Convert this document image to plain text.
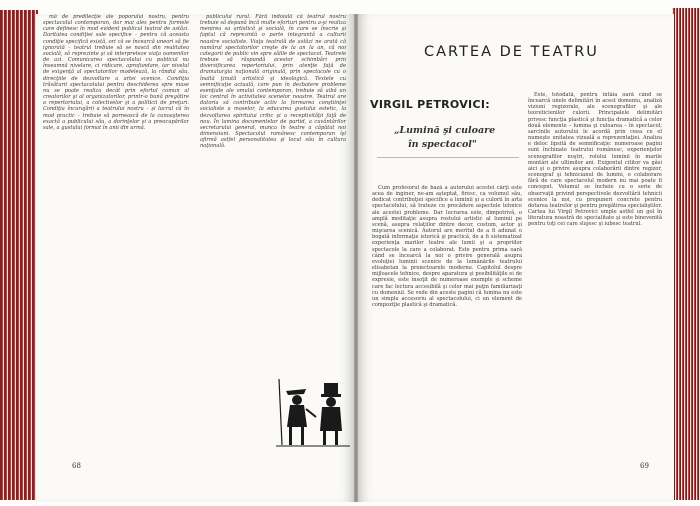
mă de predilecţie ale poporului nostru, pentru spectacolul contemporan, dar mai ales pentru formele care definesc în mod evident publicul teatral de astăzi. Daritatea condiţiei sale specifice – pentru că aceasta condiţie specifică există, ori că se încearcă uneori să fie ignorată – teatrul trebuie să se nască din realitatea socială, să reprezinte şi să interpreteze viaţa oamenilor de azi. Comunicarea spectacolului cu publicul nu înseamnă nivelare, ci ridicare, aprofundare, iar nivelul de exigenţă al spectatorilor modelează, la rândul său, direcţiile de dezvoltare a artei scenice. Condiţia trăsăturii spectacolului pentru deschiderea spre mase nu se poate realiza decât prin efortul comun al creatorilor şi al organizatorilor, printr-o bună pregătire a repertoriului, a colectivelor şi a politicii de preţuri. Condiţia încurajării a teatrului nostru – şi lucrul că în mod practic – trebuie să pornească de la cunoaşterea exactă a publicului său, a dorinţelor şi a preocupărilor sale, a gustului format în anii din urmă.

publicului rural. Fără îndoială că teatrul nostru trebuie să depună încă multe eforturi pentru a-şi realiza menirea sa artistică şi socială, în care se înscrie şi faptul că reprezintă o parte integrantă a culturii noastre socialiste. Viaţa teatrală de astăzi ne arată că numărul spectatorilor creşte de la an la an, că noi categorii de public vin spre sălile de spectacol. Teatrele trebuie să răspundă acestor schimbări prin diversificarea repertoriului, prin atenţie faţă de dramaturgia naţională originală, prin spectacole cu o înaltă ţinută artistică şi ideologică. Textele cu semnificaţie actuală, care pun în dezbatere probleme esenţiale ale omului contemporan, trebuie să aibă un loc central în activitatea scenelor noastre. Teatrul are datoria să contribuie activ la formarea conştiinţei socialiste a maselor, la educarea gustului estetic, la dezvoltarea spiritului critic şi a receptivităţii faţă de nou. În lumina documentelor de partid, a cuvântărilor secretarului general, munca în teatre a căpătat noi dimensiuni. Spectacolul românesc contemporan îşi afirmă astfel personalitatea şi locul său în cultura naţională.

68
CARTEA DE TEATRU
VIRGIL PETROVICI:
„Lumină şi culoare
în spectacol"

Cum profesorul de bază a autorului acestei cărţi este acea de inginer, ne-am aşteptat, firesc, ca volumul său, dedicat contribuţiei specifice a luminii şi a culorii în arta spectacolului, să trateze cu precădere aspectele tehnice ale acestei probleme. Dar lucrarea este, dimpotrivă, o amplă meditaţie asupra rostului artistic al luminii pe scenă, asupra relaţiilor dintre decor, costum, actor şi mişcarea scenică. Autorul are meritul de a fi adunat o bogată informaţie istorică şi practică, de a fi sistematizat experienţa marilor teatre ale lumii şi a propriilor spectacole la care a colaborat. Este pentru prima oară când se încearcă la noi o privire generală asupra evoluţiei luminii scenice de la lumânările teatrului elisabetan la proiectoarele moderne. Capitolul despre mijloacele tehnice, despre aparatura şi posibilităţile ei de expresie, este însoţit de numeroase exemple şi scheme care fac lectura accesibilă şi celor mai puţin familiarizaţi cu domeniul. Se vede din aceste pagini că lumina nu este un simplu accesoriu al spectacolului, ci un element de compoziţie plastică şi dramatică.

Este, totodată, pentru întâia oară când se încearcă unele delimitări în acest domeniu, analiză viziuni regizorale, ale scenografilor şi ale teoreticienilor culorii. Principalele delimitări privesc funcţia plastică şi funcţia dramatică a celor două elemente – lumina şi culoarea – în spectacol; sarcinile autorului le acordă prin ceea ce el numeşte unitatea vizuală a reprezentaţiei. Analiza e deloc lipsită de semnificaţie: numeroase pagini sunt închinate teatrului românesc, experienţelor scenografilor noştri, rolului luminii în marile montări ale ultimilor ani. Exigentul cititor va găsi aici şi o privire asupra colaborării dintre regizor, scenograf şi tehnicianul de lumini, o colaborare fără de care spectacolul modern nu mai poate fi conceput. Volumul se încheie cu o serie de observaţii privind perspectivele dezvoltării tehnicii scenice la noi, cu propuneri concrete pentru dotarea teatrelor şi pentru pregătirea specialiştilor. Cartea lui Virgil Petrovici umple astfel un gol în literatura noastră de specialitate şi este binevenită pentru toţi cei care slujesc şi iubesc teatrul.

69
